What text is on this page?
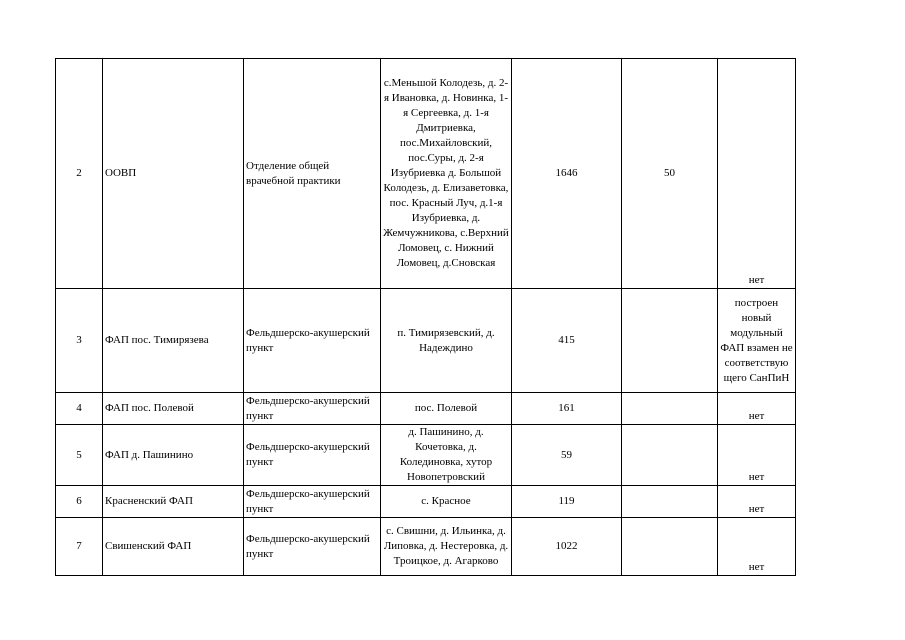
2	ООВП	Отделение общей врачебной практики	с.Меньшой Колодезь, д. 2-я Ивановка, д. Новинка, 1-я Сергеевка, д. 1-я Дмитриевка, пос.Михайловский, пос.Суры, д. 2-я Изубриевка д. Большой Колодезь, д. Елизаветовка, пос. Красный Луч, д.1-я Изубриевка, д. Жемчужникова, с.Верхний Ломовец, с. Нижний Ломовец, д.Сновская	1646	50	нет
3	ФАП пос. Тимирязева	Фельдшерско-акушерский пункт	п. Тимирязевский, д. Надеждино	415		построен новый модульный ФАП взамен не соответствую щего СанПиН
4	ФАП пос. Полевой	Фельдшерско-акушерский пункт	пос. Полевой	161		нет
5	ФАП д. Пашинино	Фельдшерско-акушерский пункт	д. Пашинино, д. Кочетовка, д. Колединовка, хутор Новопетровский	59		нет
6	Красненский ФАП	Фельдшерско-акушерский пункт	с. Красное	119		нет
7	Свишенский ФАП	Фельдшерско-акушерский пункт	с. Свишни, д. Ильинка, д. Липовка, д. Нестеровка, д. Троицкое, д. Агарково	1022		нет
